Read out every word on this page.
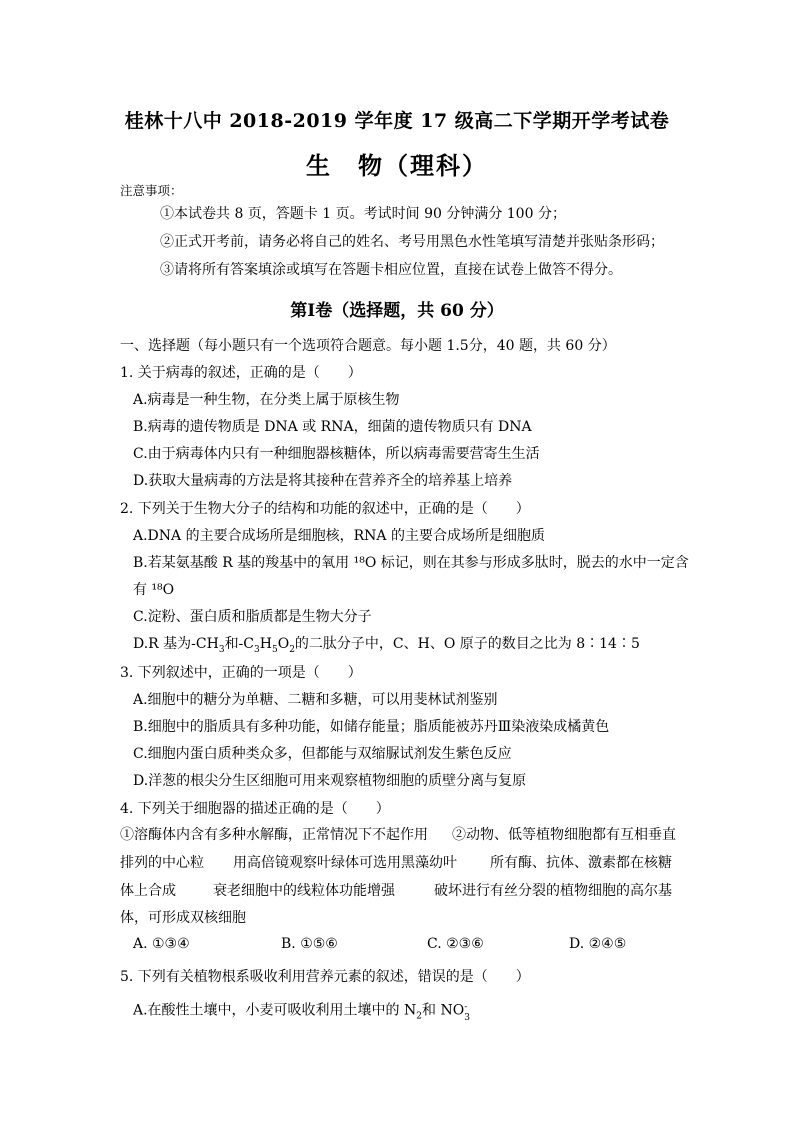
桂林十八中 2018-2019 学年度 17 级高二下学期开学考试卷
生　物（理科）
注意事项：
①本试卷共 8 页，答题卡 1 页。考试时间 90 分钟满分 100 分；
②正式开考前，请务必将自己的姓名、考号用黑色水性笔填写清楚并张贴条形码；
③请将所有答案填涂或填写在答题卡相应位置，直接在试卷上做答不得分。
第Ⅰ卷（选择题，共 60 分）
一、选择题（每小题只有一个选项符合题意。每小题 1.5分，40 题，共 60 分）
1. 关于病毒的叙述，正确的是（　　）
A.病毒是一种生物，在分类上属于原核生物
B.病毒的遗传物质是 DNA 或 RNA，细菌的遗传物质只有 DNA
C.由于病毒体内只有一种细胞器核糖体，所以病毒需要营寄生生活
D.获取大量病毒的方法是将其接种在营养齐全的培养基上培养
2. 下列关于生物大分子的结构和功能的叙述中，正确的是（　　）
A.DNA 的主要合成场所是细胞核，RNA 的主要合成场所是细胞质
B.若某氨基酸 R 基的羧基中的氧用 ¹⁸O 标记，则在其参与形成多肽时，脱去的水中一定含
有 ¹⁸O
C.淀粉、蛋白质和脂质都是生物大分子
D.R 基为$-CH_3$和$-C_3H_5O_2$的二肽分子中，C、H、O 原子的数目之比为 8∶14∶5
3. 下列叙述中，正确的一项是（　　）
A.细胞中的糖分为单糖、二糖和多糖，可以用斐林试剂鉴别
B.细胞中的脂质具有多种功能，如储存能量；脂质能被苏丹Ⅲ染液染成橘黄色
C.细胞内蛋白质种类众多，但都能与双缩脲试剂发生紫色反应
D.洋葱的根尖分生区细胞可用来观察植物细胞的质壁分离与复原
4. 下列关于细胞器的描述正确的是（　　）
①溶酶体内含有多种水解酶，正常情况下不起作用 ②动物、低等植物细胞都有互相垂直
排列的中心粒 用高倍镜观察叶绿体可选用黑藻幼叶 所有酶、抗体、激素都在核糖
体上合成	衰老细胞中的线粒体功能增强	破坏进行有丝分裂的植物细胞的高尔基
体，可形成双核细胞
A. ①③④	B. ①⑤⑥	C. ②③⑥	D. ②④⑤
5. 下列有关植物根系吸收利用营养元素的叙述，错误的是（　　）
A.在酸性土壤中，小麦可吸收利用土壤中的 $N_2$和 NO-
3
